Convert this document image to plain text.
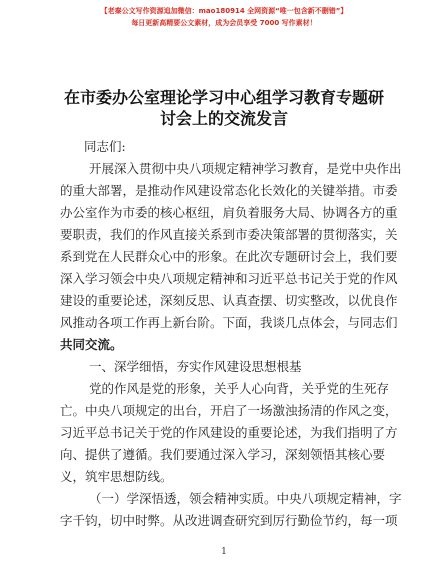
【老秦公文写作资源追加微信：mao180914 全网资源“唯一包含新不删错”】
每日更新高精要公文素材，成为会员享受 7000 写作素材！
在市委办公室理论学习中心组学习教育专题研
讨会上的交流发言
同志们:
开展深入贯彻中央八项规定精神学习教育，是党中央作出
的重大部署，是推动作风建设常态化长效化的关键举措。市委
办公室作为市委的核心枢纽，肩负着服务大局、协调各方的重
要职责，我们的作风直接关系到市委决策部署的贯彻落实，关
系到党在人民群众心中的形象。在此次专题研讨会上，我们要
深入学习领会中央八项规定精神和习近平总书记关于党的作风
建设的重要论述，深刻反思、认真查摆、切实整改，以优良作
风推动各项工作再上新台阶。下面，我谈几点体会，与同志们
共同交流。
一、深学细悟，夯实作风建设思想根基
党的作风是党的形象，关乎人心向背，关乎党的生死存
亡。中央八项规定的出台，开启了一场激浊扬清的作风之变，
习近平总书记关于党的作风建设的重要论述，为我们指明了方
向、提供了遵循。我们要通过深入学习，深刻领悟其核心要
义，筑牢思想防线。
（一）学深悟透，领会精神实质。中央八项规定精神，字
字千钧，切中时弊。从改进调查研究到厉行勤俭节约，每一项
1
